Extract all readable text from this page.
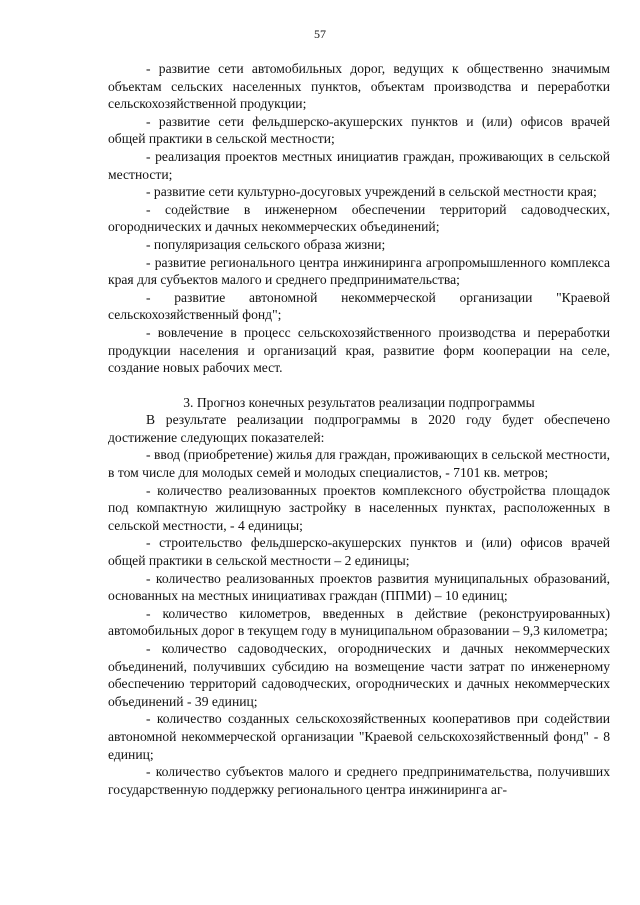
57

- развитие сети автомобильных дорог, ведущих к общественно значимым объектам сельских населенных пунктов, объектам производства и переработки сельскохозяйственной продукции;

- развитие сети фельдшерско-акушерских пунктов и (или) офисов врачей общей практики в сельской местности;

- реализация проектов местных инициатив граждан, проживающих в сельской местности;

- развитие сети культурно-досуговых учреждений в сельской местности края;

- содействие в инженерном обеспечении территорий садоводческих, огороднических и дачных некоммерческих объединений;

- популяризация сельского образа жизни;

- развитие регионального центра инжиниринга агропромышленного комплекса края для субъектов малого и среднего предпринимательства;

- развитие автономной некоммерческой организации "Краевой сельскохозяйственный фонд";

- вовлечение в процесс сельскохозяйственного производства и переработки продукции населения и организаций края, развитие форм кооперации на селе, создание новых рабочих мест.

3. Прогноз конечных результатов реализации подпрограммы

В результате реализации подпрограммы в 2020 году будет обеспечено достижение следующих показателей:

- ввод (приобретение) жилья для граждан, проживающих в сельской местности, в том числе для молодых семей и молодых специалистов, - 7101 кв. метров;

- количество реализованных проектов комплексного обустройства площадок под компактную жилищную застройку в населенных пунктах, расположенных в сельской местности, - 4 единицы;

- строительство фельдшерско-акушерских пунктов и (или) офисов врачей общей практики в сельской местности – 2 единицы;

- количество реализованных проектов развития муниципальных образований, основанных на местных инициативах граждан (ППМИ) – 10 единиц;

- количество километров, введенных в действие (реконструированных) автомобильных дорог в текущем году в муниципальном образовании – 9,3 километра;

- количество садоводческих, огороднических и дачных некоммерческих объединений, получивших субсидию на возмещение части затрат по инженерному обеспечению территорий садоводческих, огороднических и дачных некоммерческих объединений - 39 единиц;

- количество созданных сельскохозяйственных кооперативов при содействии автономной некоммерческой организации "Краевой сельскохозяйственный фонд" - 8 единиц;

- количество субъектов малого и среднего предпринимательства, получивших государственную поддержку регионального центра инжиниринга аг-
